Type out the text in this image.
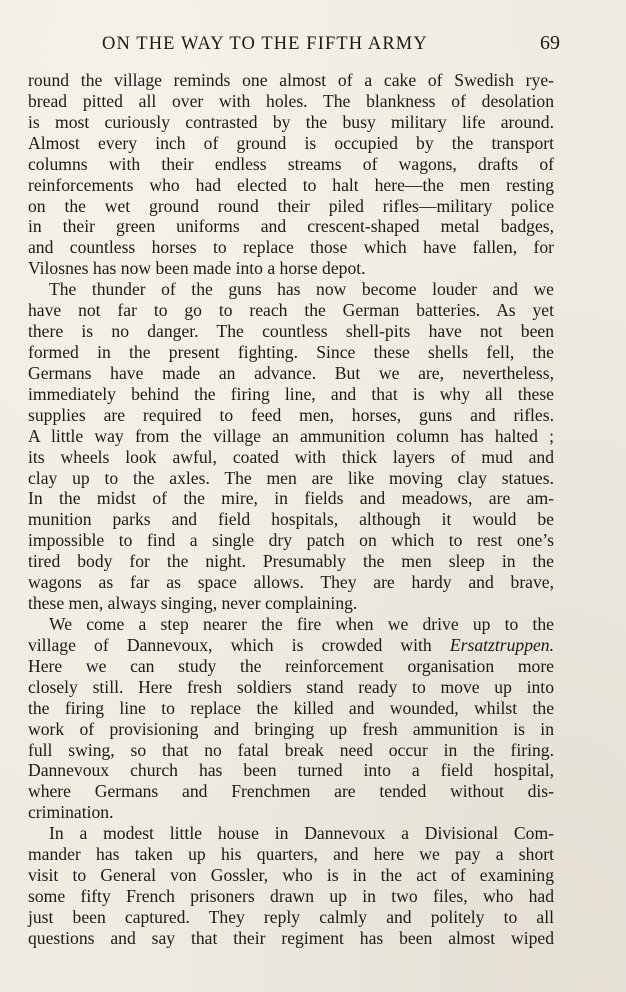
ON THE WAY TO THE FIFTH ARMY	69
round the village reminds one almost of a cake of Swedish rye-
bread pitted all over with holes. The blankness of desolation
is most curiously contrasted by the busy military life around.
Almost every inch of ground is occupied by the transport
columns with their endless streams of wagons, drafts of
reinforcements who had elected to halt here—the men resting
on the wet ground round their piled rifles—military police
in their green uniforms and crescent-shaped metal badges,
and countless horses to replace those which have fallen, for
Vilosnes has now been made into a horse depot.
The thunder of the guns has now become louder and we
have not far to go to reach the German batteries. As yet
there is no danger. The countless shell-pits have not been
formed in the present fighting. Since these shells fell, the
Germans have made an advance. But we are, nevertheless,
immediately behind the firing line, and that is why all these
supplies are required to feed men, horses, guns and rifles.
A little way from the village an ammunition column has halted ;
its wheels look awful, coated with thick layers of mud and
clay up to the axles. The men are like moving clay statues.
In the midst of the mire, in fields and meadows, are am-
munition parks and field hospitals, although it would be
impossible to find a single dry patch on which to rest one’s
tired body for the night. Presumably the men sleep in the
wagons as far as space allows. They are hardy and brave,
these men, always singing, never complaining.
We come a step nearer the fire when we drive up to the
village of Dannevoux, which is crowded with Ersatztruppen.
Here we can study the reinforcement organisation more
closely still. Here fresh soldiers stand ready to move up into
the firing line to replace the killed and wounded, whilst the
work of provisioning and bringing up fresh ammunition is in
full swing, so that no fatal break need occur in the firing.
Dannevoux church has been turned into a field hospital,
where Germans and Frenchmen are tended without dis-
crimination.
In a modest little house in Dannevoux a Divisional Com-
mander has taken up his quarters, and here we pay a short
visit to General von Gossler, who is in the act of examining
some fifty French prisoners drawn up in two files, who had
just been captured. They reply calmly and politely to all
questions and say that their regiment has been almost wiped
